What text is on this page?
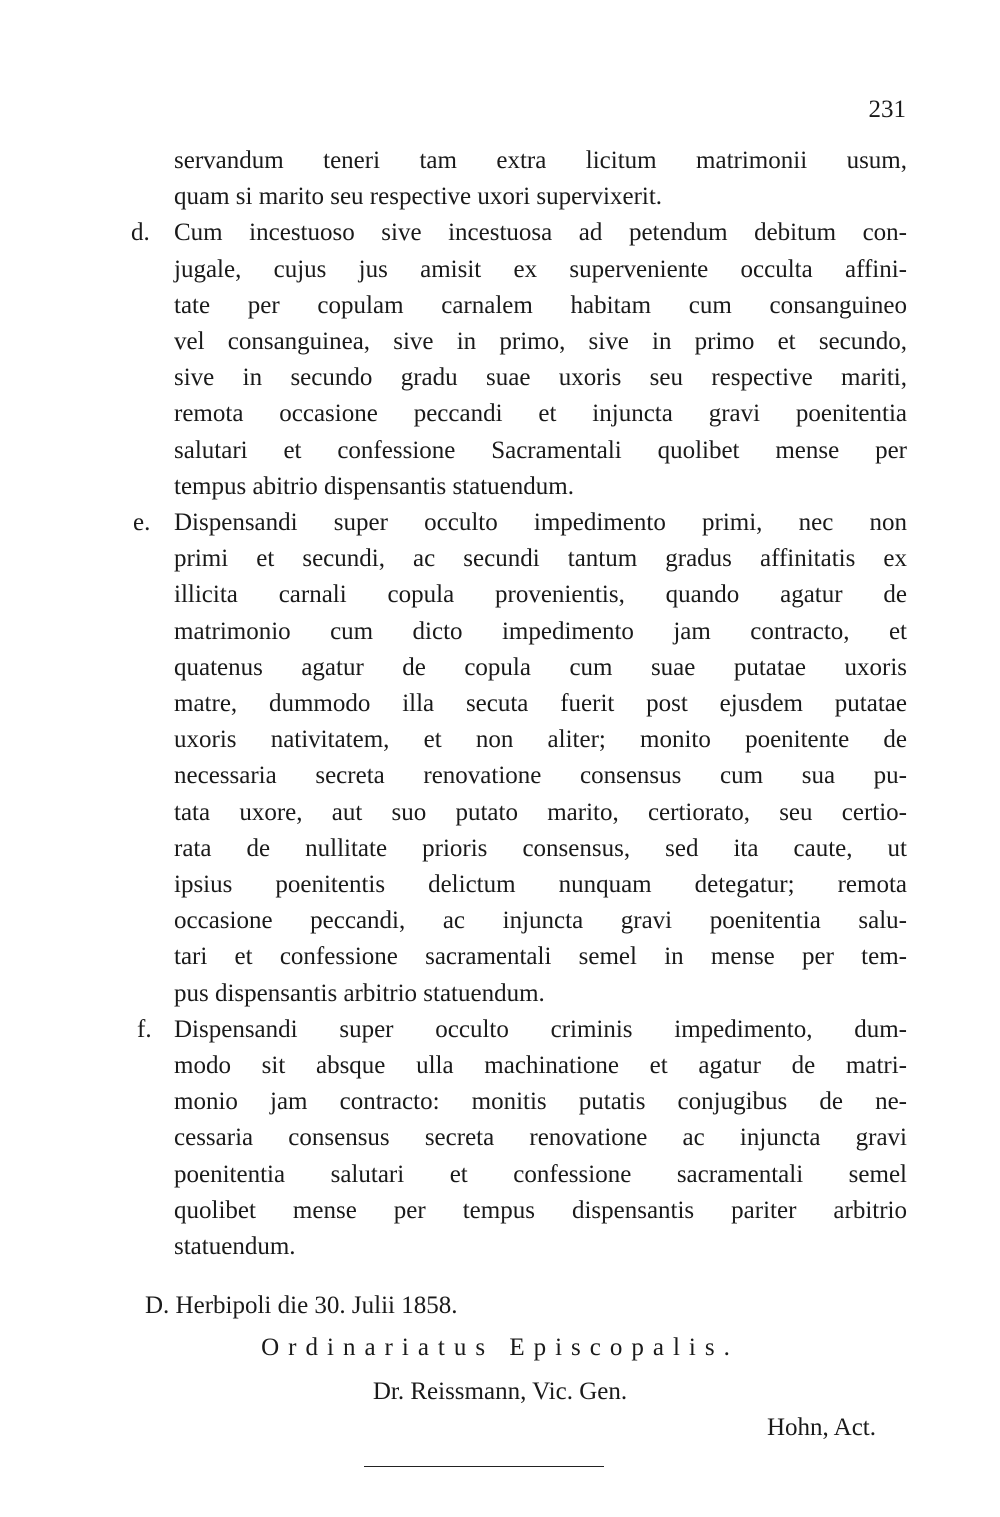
231
servandum teneri tam extra licitum matrimonii usum,
quam si marito seu respective uxori supervixerit.
d. Cum incestuoso sive incestuosa ad petendum debitum con-
jugale, cujus jus amisit ex superveniente occulta affini-
tate per copulam carnalem habitam cum consanguineo
vel consanguinea, sive in primo, sive in primo et secundo,
sive in secundo gradu suae uxoris seu respective mariti,
remota occasione peccandi et injuncta gravi poenitentia
salutari et confessione Sacramentali quolibet mense per
tempus abitrio dispensantis statuendum.
e. Dispensandi super occulto impedimento primi, nec non
primi et secundi, ac secundi tantum gradus affinitatis ex
illicita carnali copula provenientis, quando agatur de
matrimonio cum dicto impedimento jam contracto, et
quatenus agatur de copula cum suae putatae uxoris
matre, dummodo illa secuta fuerit post ejusdem putatae
uxoris nativitatem, et non aliter; monito poenitente de
necessaria secreta renovatione consensus cum sua pu-
tata uxore, aut suo putato marito, certiorato, seu certio-
rata de nullitate prioris consensus, sed ita caute, ut
ipsius poenitentis delictum nunquam detegatur; remota
occasione peccandi, ac injuncta gravi poenitentia salu-
tari et confessione sacramentali semel in mense per tem-
pus dispensantis arbitrio statuendum.
f. Dispensandi super occulto criminis impedimento, dum-
modo sit absque ulla machinatione et agatur de matri-
monio jam contracto: monitis putatis conjugibus de ne-
cessaria consensus secreta renovatione ac injuncta gravi
poenitentia salutari et confessione sacramentali semel
quolibet mense per tempus dispensantis pariter arbitrio
statuendum.
D. Herbipoli die 30. Julii 1858.
Ordinariatus Episcopalis.
Dr. Reissmann, Vic. Gen.
Hohn, Act.
